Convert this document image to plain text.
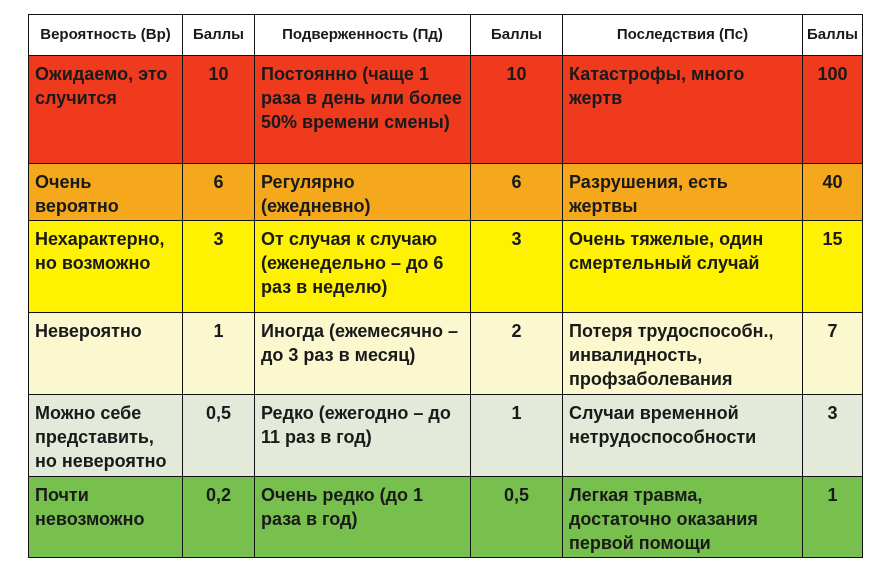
Вероятность (Вр)	Баллы	Подверженность (Пд)	Баллы	Последствия (Пс)	Баллы
Ожидаемо, это случится	10	Постоянно (чаще 1 раза в день или более 50% времени смены)	10	Катастрофы, много жертв	100
Очень вероятно	6	Регулярно (ежедневно)	6	Разрушения, есть жертвы	40
Нехарактерно, но возможно	3	От случая к случаю (еженедельно – до 6 раз в неделю)	3	Очень тяжелые, один смертельный случай	15
Невероятно	1	Иногда (ежемесячно – до 3 раз в месяц)	2	Потеря трудоспособн., инвалидность, профзаболевания	7
Можно себе представить, но невероятно	0,5	Редко (ежегодно – до 11 раз в год)	1	Случаи временной нетрудоспособности	3
Почти невозможно	0,2	Очень редко (до 1 раза в год)	0,5	Легкая травма, достаточно оказания первой помощи	1
